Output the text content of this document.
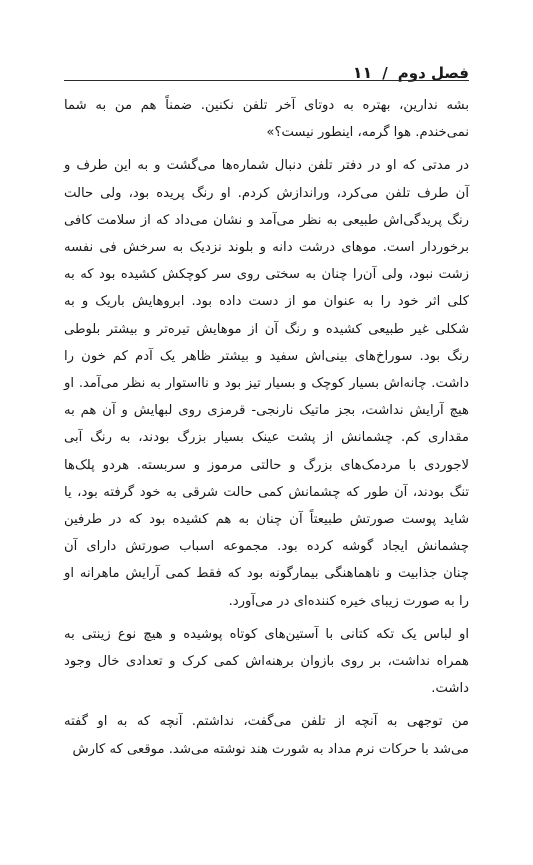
فصل دوم
/
۱۱

بشه ندارین، بهتره به دوتای آخر تلفن نکنین. ضمناً هم من به شما
نمی‌خندم. هوا گرمه، اینطور نیست؟»

در مدتی که او در دفتر تلفن دنبال شماره‌ها می‌گشت و به این طرف و
آن طرف تلفن می‌کرد، وراندازش کردم. او رنگ پریده بود، ولی حالت
رنگ پریدگی‌اش طبیعی به نظر می‌آمد و نشان می‌داد که از سلامت کافی
برخوردار است. موهای درشت دانه و بلوند نزدیک به سرخش فی نفسه
زشت نبود، ولی آن‌را چنان به سختی روی سر کوچکش کشیده بود که به
کلی اثر خود را به عنوان مو از دست داده بود. ابروهایش باریک و به
شکلی غیر طبیعی کشیده و رنگ آن از موهایش تیره‌تر و بیشتر بلوطی
رنگ بود. سوراخ‌های بینی‌اش سفید و بیشتر ظاهر یک آدم کم خون را
داشت. چانه‌اش بسیار کوچک و بسیار تیز بود و نااستوار به نظر می‌آمد. او
هیچ آرایش نداشت، بجز ماتیک نارنجی- قرمزی روی لبهایش و آن هم به
مقداری کم. چشمانش از پشت عینک بسیار بزرگ بودند، به رنگ آبی
لاجوردی با مردمک‌های بزرگ و حالتی مرموز و سربسته. هردو پلک‌ها
تنگ بودند، آن طور که چشمانش کمی حالت شرقی به خود گرفته بود، یا
شاید پوست صورتش طبیعتاً آن چنان به هم کشیده بود که در طرفین
چشمانش ایجاد گوشه کرده بود. مجموعه اسباب صورتش دارای آن
چنان جذابیت و ناهماهنگی بیمارگونه بود که فقط کمی آرایش ماهرانه او
را به صورت زیبای خیره کننده‌ای در می‌آورد.

او لباس یک تکه کتانی با آستین‌های کوتاه پوشیده و هیچ نوع زینتی به
همراه نداشت، بر روی بازوان برهنه‌اش کمی کرک و تعدادی خال وجود
داشت.

من توجهی به آنچه از تلفن می‌گفت، نداشتم. آنچه که به او گفته
می‌شد با حرکات نرم مداد به شورت هند نوشته می‌شد. موقعی که کارش
